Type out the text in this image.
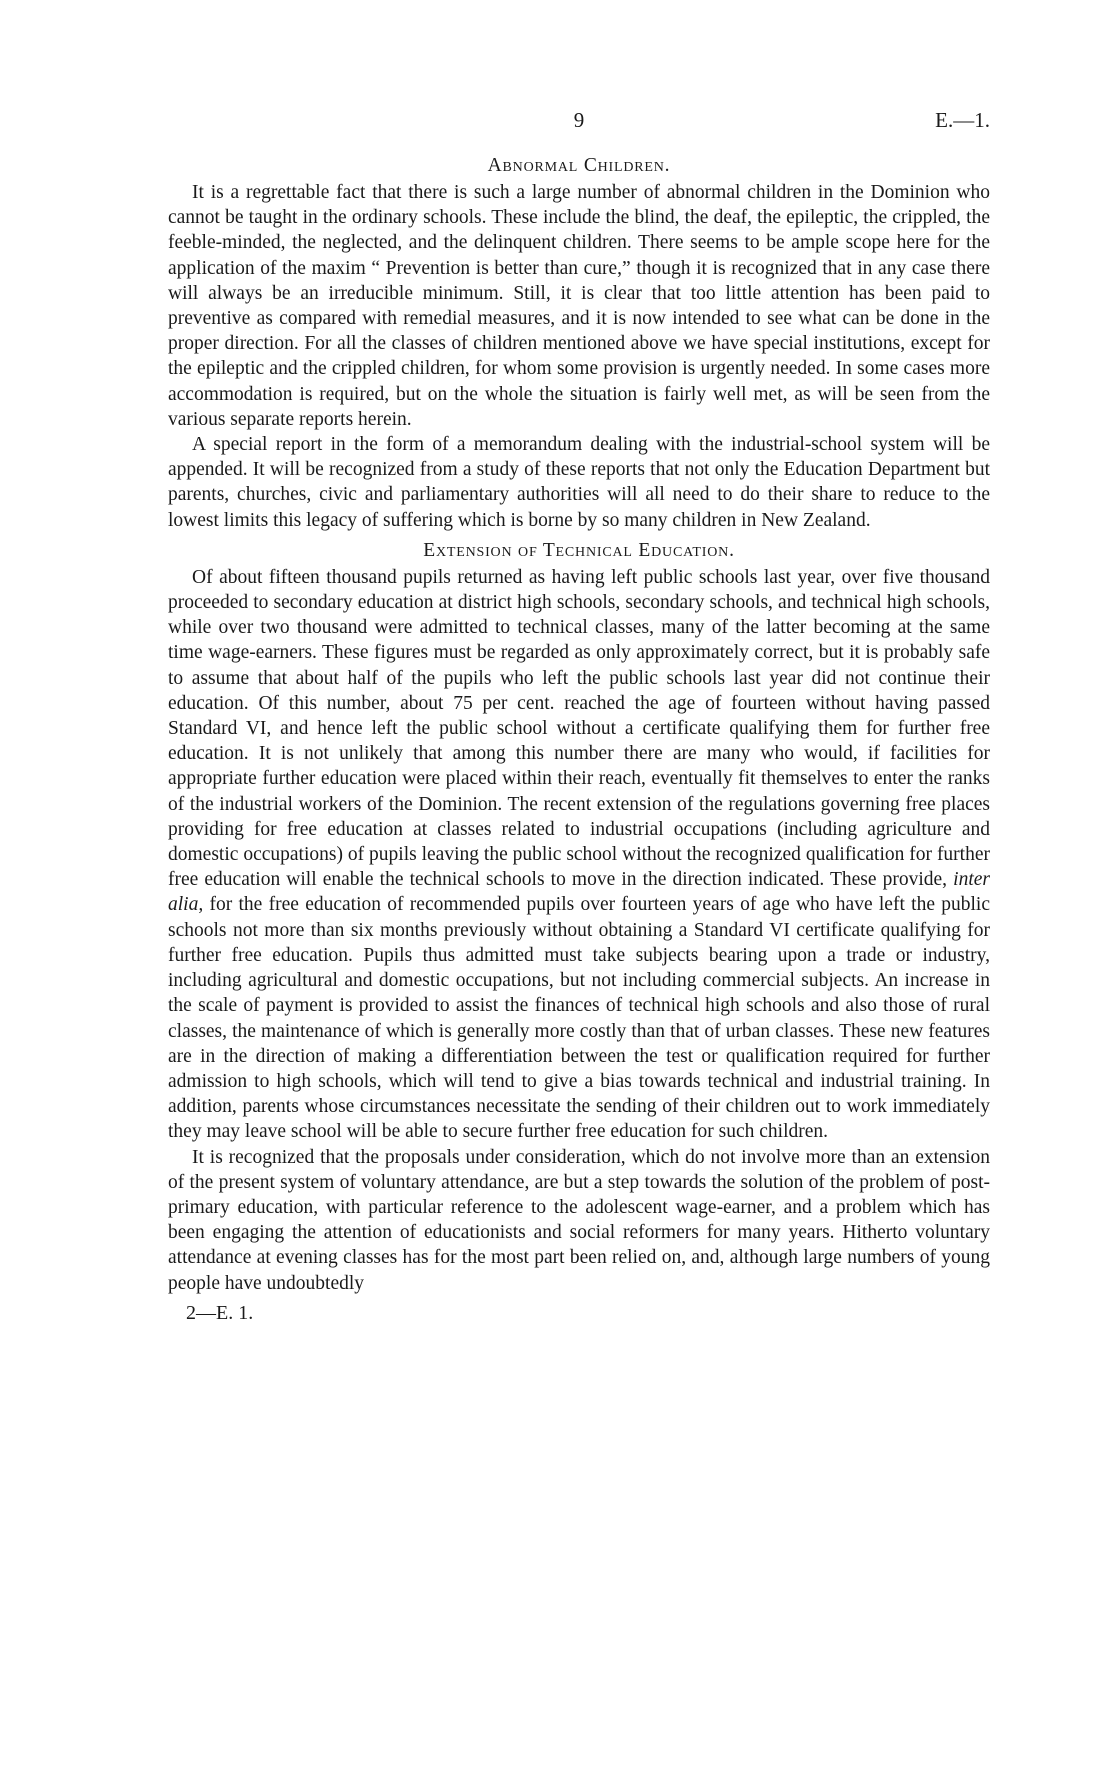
9	E.—1.
Abnormal Children.

It is a regrettable fact that there is such a large number of abnormal children in the Dominion who cannot be taught in the ordinary schools. These include the blind, the deaf, the epileptic, the crippled, the feeble-minded, the neglected, and the delinquent children. There seems to be ample scope here for the application of the maxim “ Prevention is better than cure,” though it is recognized that in any case there will always be an irreducible minimum. Still, it is clear that too little attention has been paid to preventive as compared with remedial measures, and it is now intended to see what can be done in the proper direction. For all the classes of children mentioned above we have special institutions, except for the epileptic and the crippled children, for whom some provision is urgently needed. In some cases more accommodation is required, but on the whole the situation is fairly well met, as will be seen from the various separate reports herein.

A special report in the form of a memorandum dealing with the industrial-school system will be appended. It will be recognized from a study of these reports that not only the Education Department but parents, churches, civic and parliamentary authorities will all need to do their share to reduce to the lowest limits this legacy of suffering which is borne by so many children in New Zealand.

Extension of Technical Education.

Of about fifteen thousand pupils returned as having left public schools last year, over five thousand proceeded to secondary education at district high schools, secondary schools, and technical high schools, while over two thousand were admitted to technical classes, many of the latter becoming at the same time wage-earners. These figures must be regarded as only approximately correct, but it is probably safe to assume that about half of the pupils who left the public schools last year did not continue their education. Of this number, about 75 per cent. reached the age of fourteen without having passed Standard VI, and hence left the public school without a certificate qualifying them for further free education. It is not unlikely that among this number there are many who would, if facilities for appropriate further education were placed within their reach, eventually fit themselves to enter the ranks of the industrial workers of the Dominion. The recent extension of the regulations governing free places providing for free education at classes related to industrial occupations (including agriculture and domestic occupations) of pupils leaving the public school without the recognized qualification for further free education will enable the technical schools to move in the direction indicated. These provide, inter alia, for the free education of recommended pupils over fourteen years of age who have left the public schools not more than six months previously without obtaining a Standard VI certificate qualifying for further free education. Pupils thus admitted must take subjects bearing upon a trade or industry, including agricultural and domestic occupations, but not including commercial subjects. An increase in the scale of payment is provided to assist the finances of technical high schools and also those of rural classes, the maintenance of which is generally more costly than that of urban classes. These new features are in the direction of making a differentiation between the test or qualification required for further admission to high schools, which will tend to give a bias towards technical and industrial training. In addition, parents whose circumstances necessitate the sending of their children out to work immediately they may leave school will be able to secure further free education for such children.

It is recognized that the proposals under consideration, which do not involve more than an extension of the present system of voluntary attendance, are but a step towards the solution of the problem of post-primary education, with particular reference to the adolescent wage-earner, and a problem which has been engaging the attention of educationists and social reformers for many years. Hitherto voluntary attendance at evening classes has for the most part been relied on, and, although large numbers of young people have undoubtedly

2—E. 1.
